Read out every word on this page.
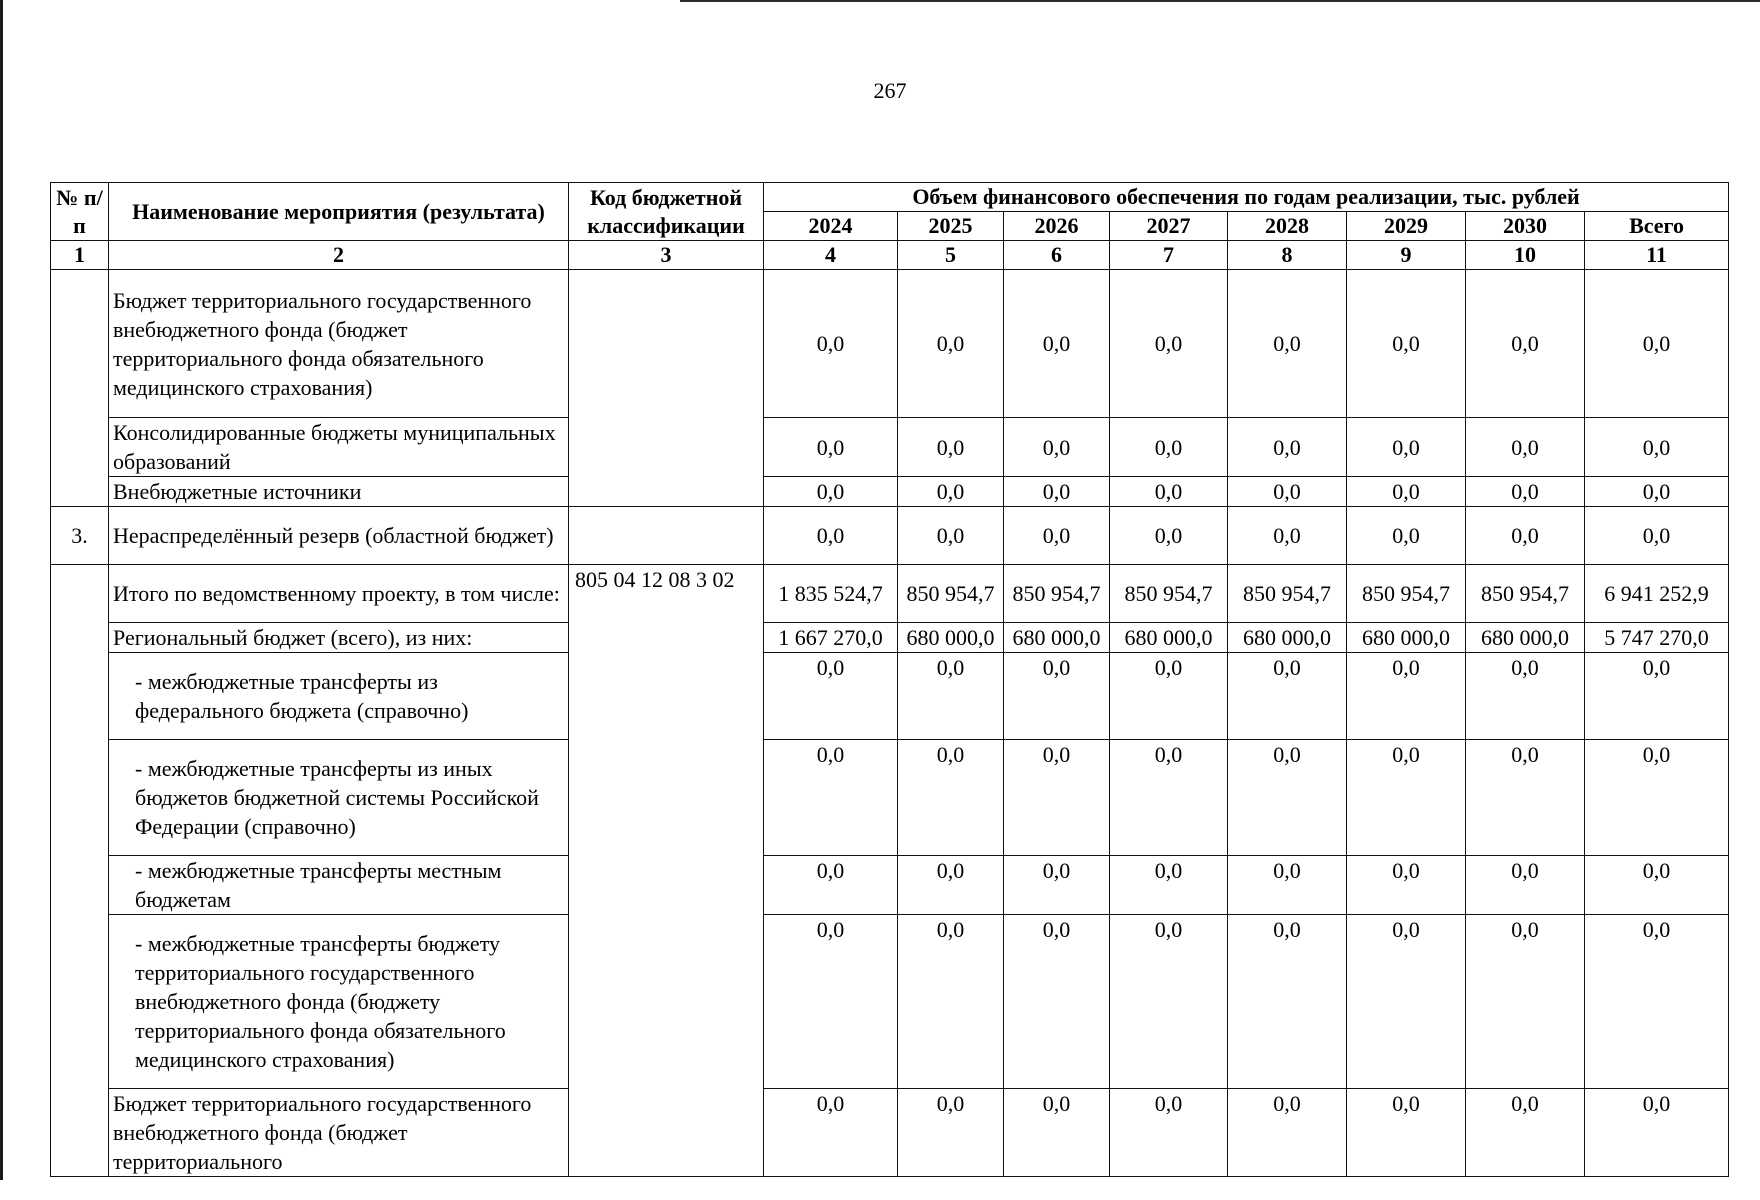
267
№ п/п	Наименование мероприятия (результата)	Код бюджетной классификации	Объем финансового обеспечения по годам реализации, тыс. рублей							
			2024	2025	2026	2027	2028	2029	2030	Всего
1	2	3	4	5	6	7	8	9	10	11
	Бюджет территориального государственного внебюджетного фонда (бюджет территориального фонда обязательного медицинского страхования)		0,0	0,0	0,0	0,0	0,0	0,0	0,0	0,0
	Консолидированные бюджеты муниципальных образований		0,0	0,0	0,0	0,0	0,0	0,0	0,0	0,0
	Внебюджетные источники		0,0	0,0	0,0	0,0	0,0	0,0	0,0	0,0
3.	Нераспределённый резерв (областной бюджет)		0,0	0,0	0,0	0,0	0,0	0,0	0,0	0,0
	Итого по ведомственному проекту, в том числе:	805 04 12 08 3 02	1 835 524,7	850 954,7	850 954,7	850 954,7	850 954,7	850 954,7	850 954,7	6 941 252,9
	Региональный бюджет (всего), из них:		1 667 270,0	680 000,0	680 000,0	680 000,0	680 000,0	680 000,0	680 000,0	5 747 270,0
	- межбюджетные трансферты из федерального бюджета (справочно)		0,0	0,0	0,0	0,0	0,0	0,0	0,0	0,0
	- межбюджетные трансферты из иных бюджетов бюджетной системы Российской Федерации (справочно)		0,0	0,0	0,0	0,0	0,0	0,0	0,0	0,0
	- межбюджетные трансферты местным бюджетам		0,0	0,0	0,0	0,0	0,0	0,0	0,0	0,0
	- межбюджетные трансферты бюджету территориального государственного внебюджетного фонда (бюджету территориального фонда обязательного медицинского страхования)		0,0	0,0	0,0	0,0	0,0	0,0	0,0	0,0
	Бюджет территориального государственного внебюджетного фонда (бюджет территориального		0,0	0,0	0,0	0,0	0,0	0,0	0,0	0,0
